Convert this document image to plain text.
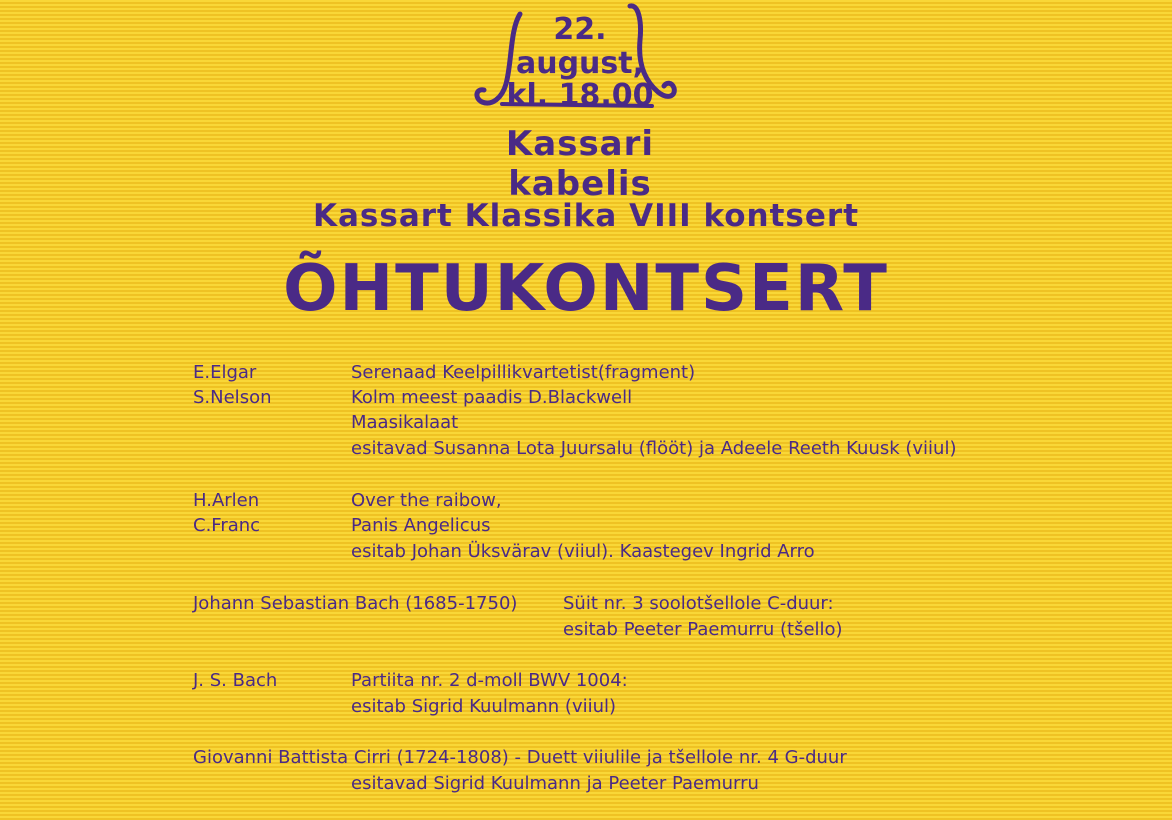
22.
august,
kl. 18.00
Kassari kabelis
Kassart Klassika VIII kontsert
ÕHTUKONTSERT
E.Elgar
S.Nelson
Serenaad Keelpillikvartetist(fragment)
Kolm meest paadis D.Blackwell
Maasikalaat
esitavad Susanna Lota Juursalu (flööt) ja Adeele Reeth Kuusk (viiul)
H.Arlen
C.Franc
Over the raibow,
Panis Angelicus
esitab Johan Üksvärav (viiul). Kaastegev Ingrid Arro
Johann Sebastian Bach (1685-1750)	Süit nr. 3 soolotšellole C-duur:
esitab Peeter Paemurru (tšello)
J. S. Bach	Partiita nr. 2 d-moll BWV 1004:
esitab Sigrid Kuulmann (viiul)
Giovanni Battista Cirri (1724-1808) - Duett viiulile ja tšellole nr. 4 G-duur
esitavad Sigrid Kuulmann ja Peeter Paemurru
